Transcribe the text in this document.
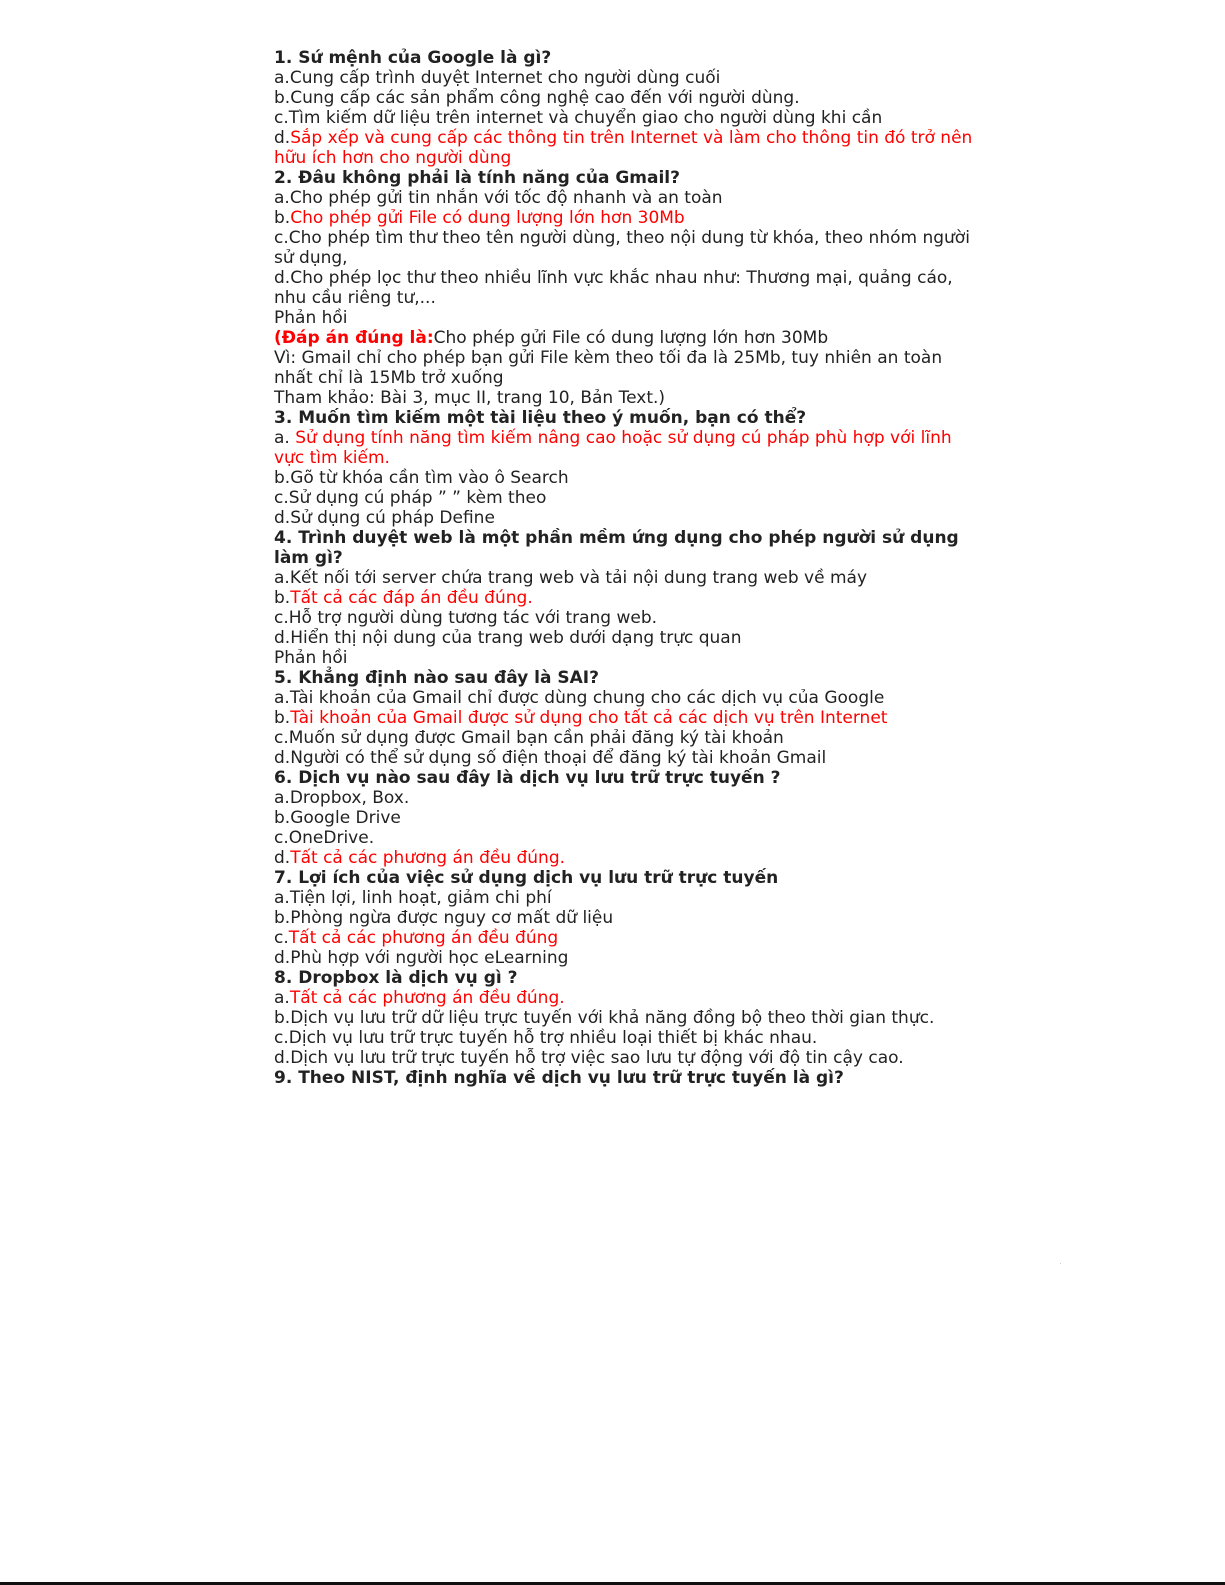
1. Sứ mệnh của Google là gì?
a.Cung cấp trình duyệt Internet cho người dùng cuối
b.Cung cấp các sản phẩm công nghệ cao đến với người dùng.
c.Tìm kiếm dữ liệu trên internet và chuyển giao cho người dùng khi cần
d.Sắp xếp và cung cấp các thông tin trên Internet và làm cho thông tin đó trở nên hữu ích hơn cho người dùng
2. Đâu không phải là tính năng của Gmail?
a.Cho phép gửi tin nhắn với tốc độ nhanh và an toàn
b.Cho phép gửi File có dung lượng lớn hơn 30Mb
c.Cho phép tìm thư theo tên người dùng, theo nội dung từ khóa, theo nhóm người sử dụng,
d.Cho phép lọc thư theo nhiều lĩnh vực khắc nhau như: Thương mại, quảng cáo, nhu cầu riêng tư,...
Phản hồi
(Đáp án đúng là:Cho phép gửi File có dung lượng lớn hơn 30Mb
Vì: Gmail chỉ cho phép bạn gửi File kèm theo tối đa là 25Mb, tuy nhiên an toàn nhất chỉ là 15Mb trở xuống
Tham khảo: Bài 3, mục II, trang 10, Bản Text.)
3. Muốn tìm kiếm một tài liệu theo ý muốn, bạn có thể?
a. Sử dụng tính năng tìm kiếm nâng cao hoặc sử dụng cú pháp phù hợp với lĩnh vực tìm kiếm.
b.Gõ từ khóa cần tìm vào ô Search
c.Sử dụng cú pháp ” ” kèm theo
d.Sử dụng cú pháp Define
4. Trình duyệt web là một phần mềm ứng dụng cho phép người sử dụng làm gì?
a.Kết nối tới server chứa trang web và tải nội dung trang web về máy
b.Tất cả các đáp án đều đúng.
c.Hỗ trợ người dùng tương tác với trang web.
d.Hiển thị nội dung của trang web dưới dạng trực quan
Phản hồi
5. Khẳng định nào sau đây là SAI?
a.Tài khoản của Gmail chỉ được dùng chung cho các dịch vụ của Google
b.Tài khoản của Gmail được sử dụng cho tất cả các dịch vụ trên Internet
c.Muốn sử dụng được Gmail bạn cần phải đăng ký tài khoản
d.Người có thể sử dụng số điện thoại để đăng ký tài khoản Gmail
6. Dịch vụ nào sau đây là dịch vụ lưu trữ trực tuyến ?
a.Dropbox, Box.
b.Google Drive
c.OneDrive.
d.Tất cả các phương án đều đúng.
7. Lợi ích của việc sử dụng dịch vụ lưu trữ trực tuyến
a.Tiện lợi, linh hoạt, giảm chi phí
b.Phòng ngừa được nguy cơ mất dữ liệu
c.Tất cả các phương án đều đúng
d.Phù hợp với người học eLearning
8. Dropbox là dịch vụ gì ?
a.Tất cả các phương án đều đúng.
b.Dịch vụ lưu trữ dữ liệu trực tuyến với khả năng đồng bộ theo thời gian thực.
c.Dịch vụ lưu trữ trực tuyến hỗ trợ nhiều loại thiết bị khác nhau.
d.Dịch vụ lưu trữ trực tuyến hỗ trợ việc sao lưu tự động với độ tin cậy cao.
9. Theo NIST, định nghĩa về dịch vụ lưu trữ trực tuyến là gì?
